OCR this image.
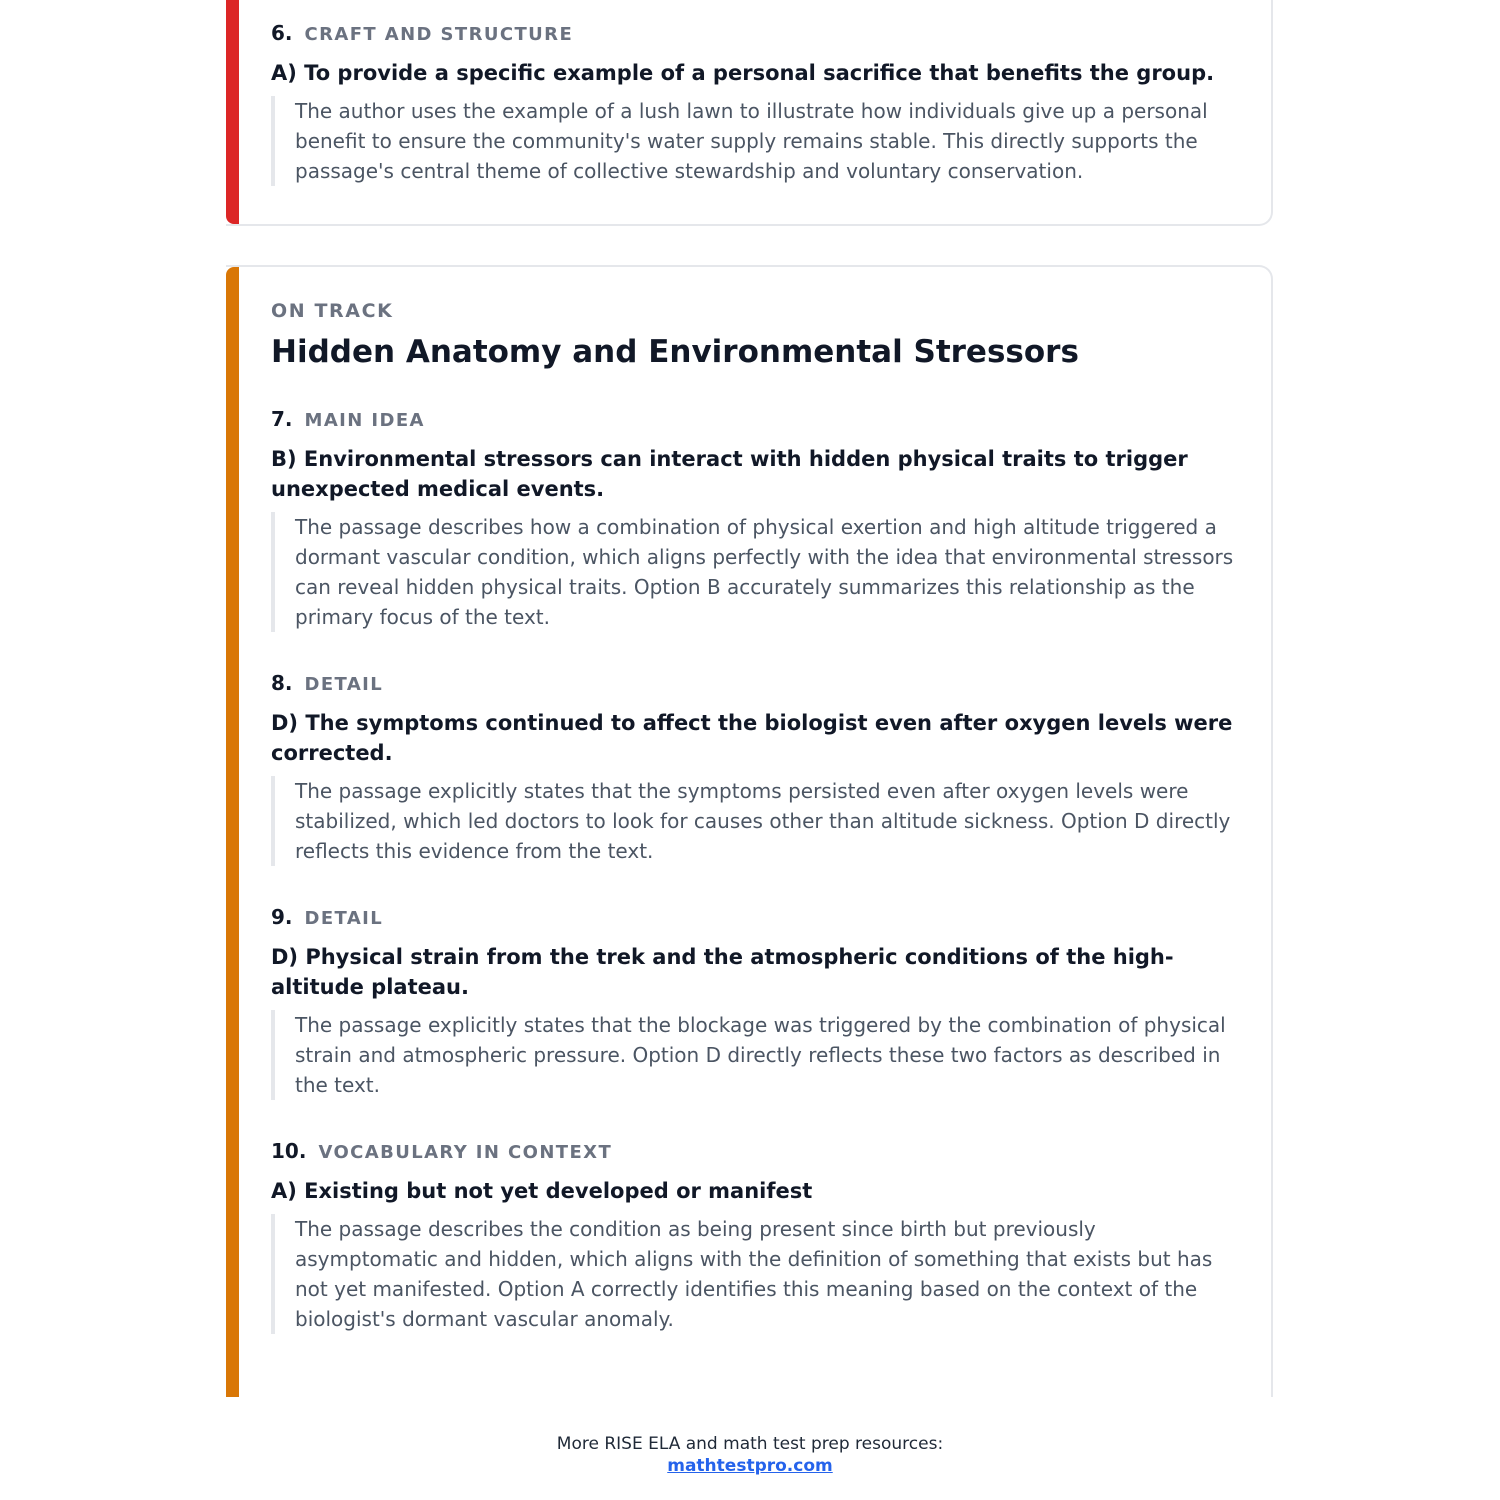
6. CRAFT AND STRUCTURE

A) To provide a specific example of a personal sacrifice that benefits the group.

The author uses the example of a lush lawn to illustrate how individuals give up a personal benefit to ensure the community's water supply remains stable. This directly supports the passage's central theme of collective stewardship and voluntary conservation.

ON TRACK
Hidden Anatomy and Environmental Stressors
7. MAIN IDEA

B) Environmental stressors can interact with hidden physical traits to trigger unexpected medical events.

The passage describes how a combination of physical exertion and high altitude triggered a dormant vascular condition, which aligns perfectly with the idea that environmental stressors can reveal hidden physical traits. Option B accurately summarizes this relationship as the primary focus of the text.

8. DETAIL

D) The symptoms continued to affect the biologist even after oxygen levels were corrected.

The passage explicitly states that the symptoms persisted even after oxygen levels were stabilized, which led doctors to look for causes other than altitude sickness. Option D directly reflects this evidence from the text.

9. DETAIL

D) Physical strain from the trek and the atmospheric conditions of the high-altitude plateau.

The passage explicitly states that the blockage was triggered by the combination of physical strain and atmospheric pressure. Option D directly reflects these two factors as described in the text.

10. VOCABULARY IN CONTEXT

A) Existing but not yet developed or manifest

The passage describes the condition as being present since birth but previously asymptomatic and hidden, which aligns with the definition of something that exists but has not yet manifested. Option A correctly identifies this meaning based on the context of the biologist's dormant vascular anomaly.

More RISE ELA and math test prep resources:
mathtestpro.com
